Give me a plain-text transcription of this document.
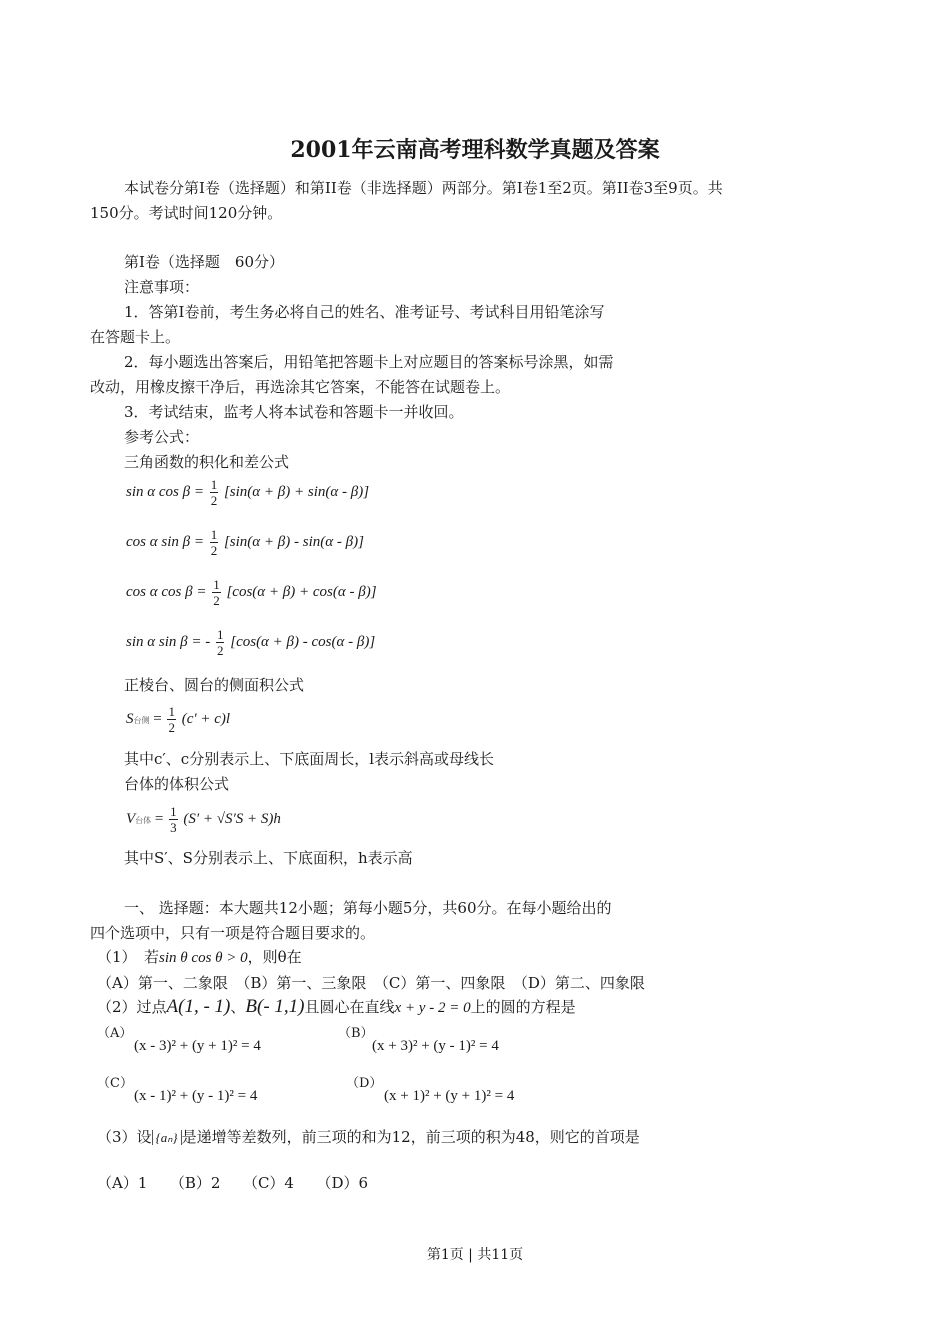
2001年云南高考理科数学真题及答案
本试卷分第Ⅰ卷（选择题）和第II卷（非选择题）两部分。第Ⅰ卷1至2页。第II卷3至9页。共
150分。考试时间120分钟。
第Ⅰ卷（选择题　60分）
注意事项：
1．答第Ⅰ卷前，考生务必将自己的姓名、准考证号、考试科目用铅笔涂写
在答题卡上。
2．每小题选出答案后，用铅笔把答题卡上对应题目的答案标号涂黑，如需
改动，用橡皮擦干净后，再选涂其它答案，不能答在试题卷上。
3．考试结束，监考人将本试卷和答题卡一并收回。
参考公式：
三角函数的积化和差公式
sin α $\cos \beta = \frac{1}{2} [\sin(\alpha + \beta) + \sin(\alpha - \beta)]$
cos α $\sin \beta = \frac{1}{2} [\sin(\alpha + \beta) - \sin(\alpha - \beta)]$
cos α $\cos \beta = \frac{1}{2} [\cos(\alpha + \beta) + \cos(\alpha - \beta)]$
sin α sin β = - $\frac{1}{2} [\cos(\alpha + \beta) - \cos(\alpha - \beta)]$
正棱台、圆台的侧面积公式
S台侧 = $\frac{1}{2} (c' + c)l$
其中c′、c分别表示上、下底面周长，l表示斜高或母线长
台体的体积公式
V台体 = $\frac{1}{3} (S' + √S'S + S)h$
其中S′、S分别表示上、下底面积，h表示高
一、 选择题：本大题共12小题；第每小题5分，共60分。在每小题给出的
四个选项中，只有一项是符合题目要求的。
（1）　若sin θ cos θ > 0，则θ在
（A）第一、二象限　（B）第一、三象限　（C）第一、四象限　（D）第二、四象限
（2）过点A(1, - 1)、B(- 1,1)且圆心在直线x + y - 2 = 0上的圆的方程是
（A）
(x - 3)² + (y + 1)² = 4
（B）
(x + 3)² + (y - 1)² = 4
（C）
(x - 1)² + (y - 1)² = 4
（D）
(x + 1)² + (y + 1)² = 4
（3）设 {aₙ} 是递增等差数列，前三项的和为12，前三项的积为48，则它的首项是
（A）1　　（B）2　　（C）4　　（D）6
第1页 | 共11页
